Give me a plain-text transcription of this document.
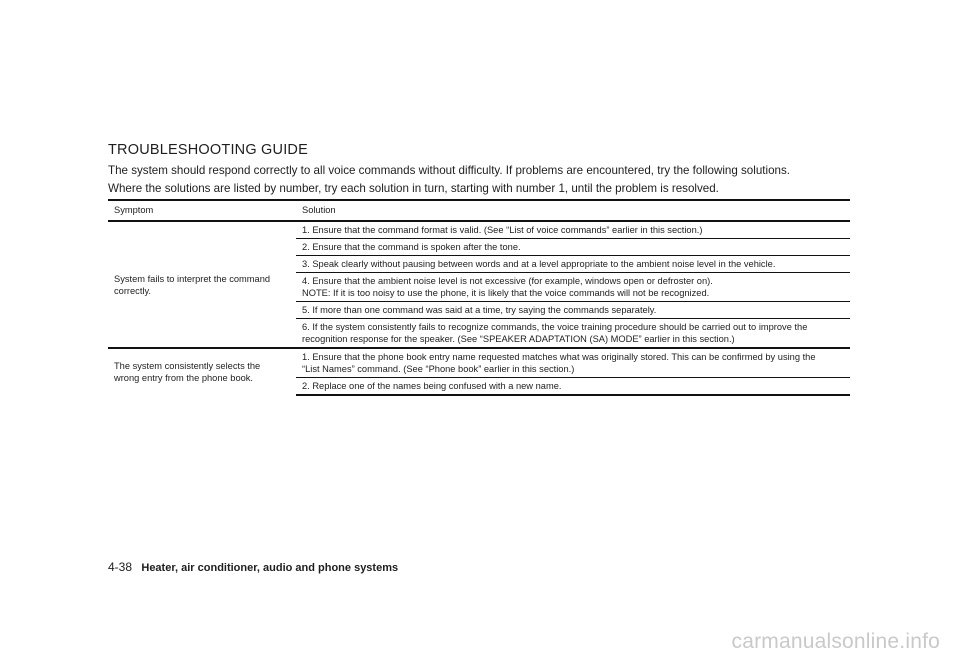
TROUBLESHOOTING GUIDE

The system should respond correctly to all voice commands without difficulty. If problems are encountered, try the following solutions.

Where the solutions are listed by number, try each solution in turn, starting with number 1, until the problem is resolved.

Symptom	Solution
System fails to interpret the command correctly.	1. Ensure that the command format is valid. (See “List of voice commands” earlier in this section.)

	2. Ensure that the command is spoken after the tone.

	3. Speak clearly without pausing between words and at a level appropriate to the ambient noise level in the vehicle.

	4. Ensure that the ambient noise level is not excessive (for example, windows open or defroster on).
NOTE: If it is too noisy to use the phone, it is likely that the voice commands will not be recognized.

	5. If more than one command was said at a time, try saying the commands separately.

	6. If the system consistently fails to recognize commands, the voice training procedure should be carried out to improve the
recognition response for the speaker. (See “SPEAKER ADAPTATION (SA) MODE” earlier in this section.)

The system consistently selects the wrong entry from the phone book.	1. Ensure that the phone book entry name requested matches what was originally stored. This can be confirmed by using the
“List Names” command. (See “Phone book” earlier in this section.)

	2. Replace one of the names being confused with a new name.
4-38 Heater, air conditioner, audio and phone systems
carmanualsonline.info
